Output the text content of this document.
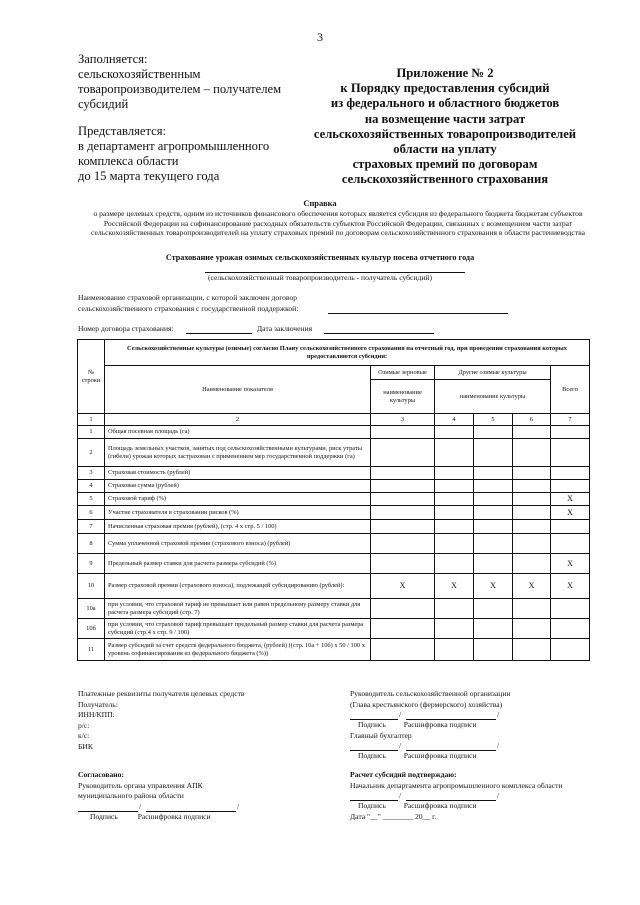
3
Заполняется:
сельскохозяйственным
товаропроизводителем – получателем
субсидий
Представляется:
в департамент агропромышленного
комплекса области
до 15 марта текущего года
Приложение № 2
к Порядку предоставления субсидий
из федерального и областного бюджетов
на возмещение части затрат
сельскохозяйственных товаропроизводителей
области на уплату
страховых премий по договорам
сельскохозяйственного страхования
Справка
о размере целевых средств, одним из источников финансового обеспечения которых является субсидия из федерального бюджета бюджетам субъектов Российской Федерации на софинансирование расходных обязательств субъектов Российской Федерации, связанных с возмещением части затрат сельскохозяйственных товаропроизводителей на уплату страховых премий по договорам сельскохозяйственного страхования в области растениеводства
Страхование урожая озимых сельскохозяйственных культур посева отчетного года
(сельскохозяйственный товаропроизводитель - получатель субсидий)
Наименование страховой организации, с которой заключен договор
сельскохозяйственного страхования с государственной поддержкой:
Номер договора страхования:	Дата заключения
№ строки	Сельскохозяйственные культуры (озимые) согласно Плану сельскохозяйственного страхования на отчетный год, при проведении страхования которых предоставляются субсидии:					
	Наименование показателя	Озимые зерновые	Другие озимые культуры			Всего
		наименование культуры	наименование культуры			
1	2	3	4	5	6	7
1	Общая посевная площадь (га)					
2	Площадь земельных участков, занятых под сельскохозяйственными культурами, риск утраты (гибели) урожая которых застрахован с применением мер государственной поддержки (га)					
3	Страховая стоимость (рублей)					
4	Страховая сумма (рублей)					
5	Страховой тариф (%)					Х
6	Участие страхователя в страховании рисков (%)					Х
7	Начисленная страховая премия (рублей), (стр. 4 х стр. 5 / 100)					
8	Сумма уплаченной страховой премии (страхового взноса) (рублей)					
9	Предельный размер ставки для расчета размера субсидий (%)					Х
10	Размер страховой премии (страхового взноса), подлежащей субсидированию (рублей):	Х	Х	Х	Х	Х
10а	при условии, что страховой тариф не превышает или равен предельному размеру ставки для расчета размера субсидий (стр. 7)					
10б	при условии, что страховой тариф превышает предельный размер ставки для расчета размера субсидий (стр.4 х стр. 9 / 100)					
11	Размер субсидий за счет средств федерального бюджета, (рублей) ((стр. 10а + 10б) х 50 / 100 х уровень софинансирования из федерального бюджета (%))					
Платежные реквизиты получателя целевых средств
Получатель:
ИНН/КПП:
р/с:
к/с:
БИК
Руководитель сельскохозяйственной организации
(Глава крестьянского (фермерского) хозяйства)
/	/
Подпись Расшифровка подписи
Главный бухгалтер
/	/
Подпись Расшифровка подписи
Согласовано:
Руководитель органа управления АПК
муниципального района области
/	/
Подпись	Расшифровка подписи
Расчет субсидий подтверждаю:
Начальник департамента агропромышленного комплекса области
/	/
Подпись Расшифровка подписи
Дата "__" ________ 20__ г.
